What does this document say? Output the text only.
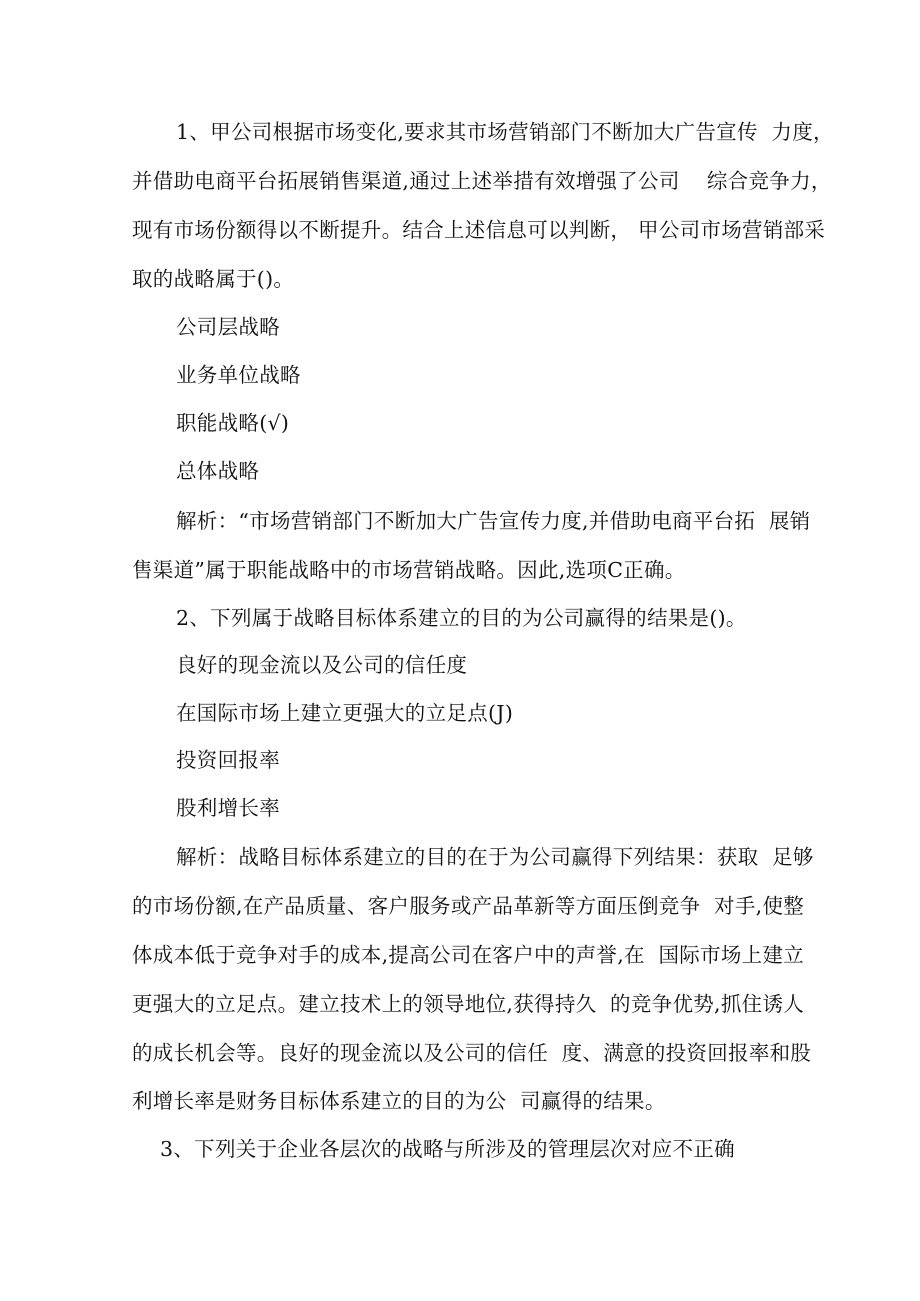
1、甲公司根据市场变化,要求其市场营销部门不断加大广告宣传  力度，
并借助电商平台拓展销售渠道,通过上述举措有效增强了公司    综合竞争力，
现有市场份额得以不断提升。结合上述信息可以判断， 甲公司市场营销部采
取的战略属于()。
公司层战略
业务单位战略
职能战略(√)
总体战略
解析：“市场营销部门不断加大广告宣传力度,并借助电商平台拓  展销
售渠道”属于职能战略中的市场营销战略。因此,选项C正确。
2、下列属于战略目标体系建立的目的为公司赢得的结果是()。
良好的现金流以及公司的信任度
在国际市场上建立更强大的立足点(J)
投资回报率
股利增长率
解析：战略目标体系建立的目的在于为公司赢得下列结果：获取  足够
的市场份额,在产品质量、客户服务或产品革新等方面压倒竞争  对手,使整
体成本低于竞争对手的成本,提高公司在客户中的声誉,在  国际市场上建立
更强大的立足点。建立技术上的领导地位,获得持久  的竞争优势,抓住诱人
的成长机会等。良好的现金流以及公司的信任  度、满意的投资回报率和股
利增长率是财务目标体系建立的目的为公  司赢得的结果。
3、下列关于企业各层次的战略与所涉及的管理层次对应不正确
